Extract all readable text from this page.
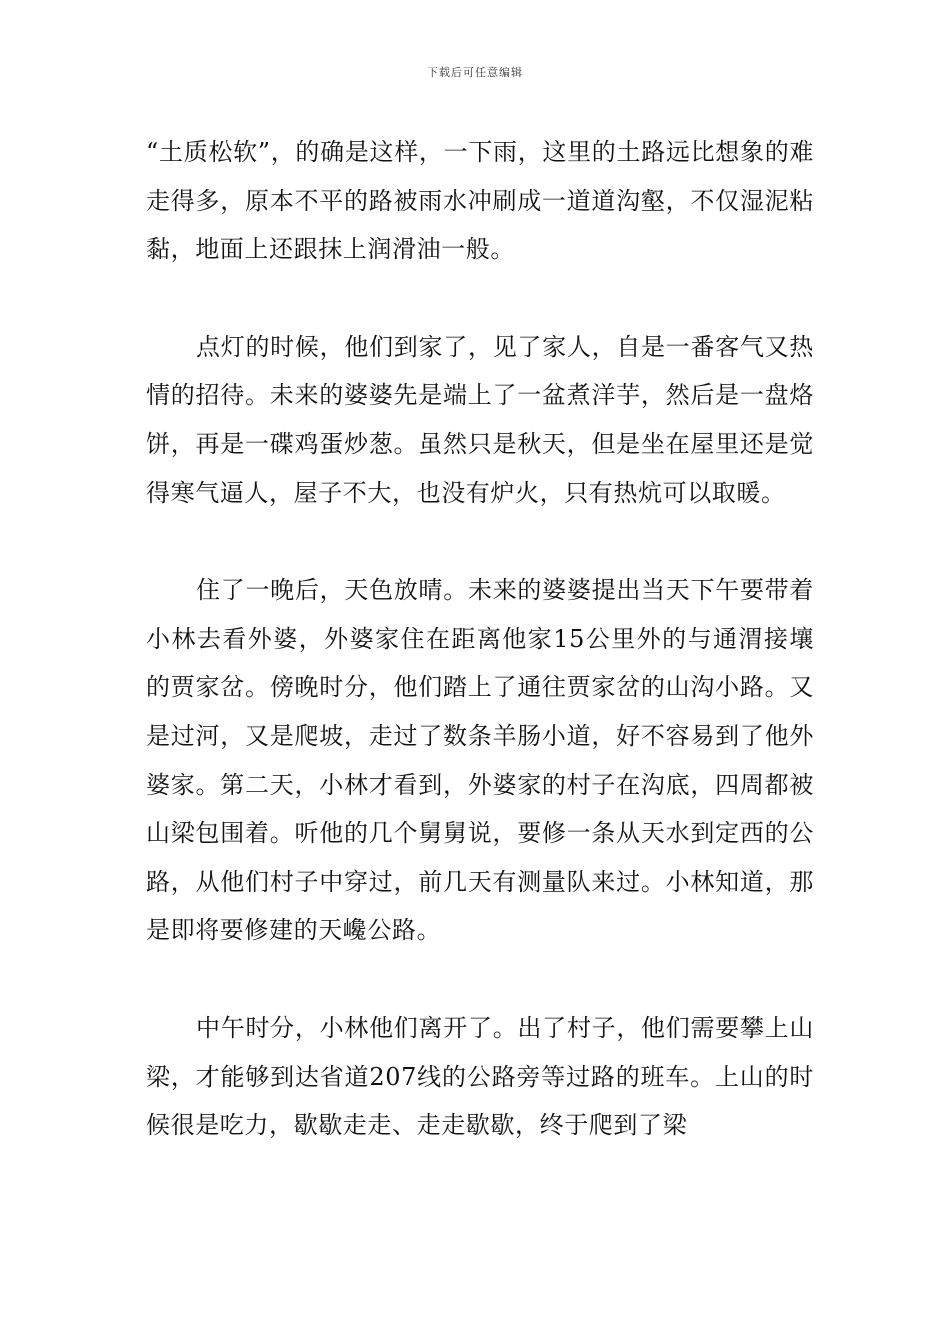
下载后可任意编辑

“土质松软”，的确是这样，一下雨，这里的土路远比想象的难走得多，原本不平的路被雨水冲刷成一道道沟壑，不仅湿泥粘黏，地面上还跟抹上润滑油一般。

点灯的时候，他们到家了，见了家人，自是一番客气又热情的招待。未来的婆婆先是端上了一盆煮洋芋，然后是一盘烙饼，再是一碟鸡蛋炒葱。虽然只是秋天，但是坐在屋里还是觉得寒气逼人，屋子不大，也没有炉火，只有热炕可以取暖。

住了一晚后，天色放晴。未来的婆婆提出当天下午要带着小林去看外婆，外婆家住在距离他家15公里外的与通渭接壤的贾家岔。傍晚时分，他们踏上了通往贾家岔的山沟小路。又是过河，又是爬坡，走过了数条羊肠小道，好不容易到了他外婆家。第二天，小林才看到，外婆家的村子在沟底，四周都被山梁包围着。听他的几个舅舅说，要修一条从天水到定西的公路，从他们村子中穿过，前几天有测量队来过。小林知道，那是即将要修建的天巉公路。

中午时分，小林他们离开了。出了村子，他们需要攀上山梁，才能够到达省道207线的公路旁等过路的班车。上山的时候很是吃力，歇歇走走、走走歇歇，终于爬到了梁
